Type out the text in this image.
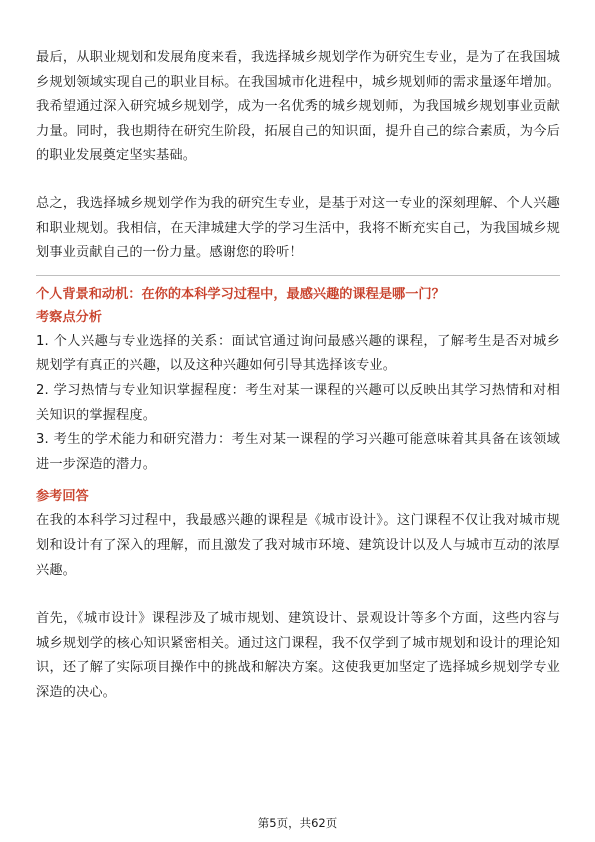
最后，从职业规划和发展角度来看，我选择城乡规划学作为研究生专业，是为了在我国城乡规划领域实现自己的职业目标。在我国城市化进程中，城乡规划师的需求量逐年增加。我希望通过深入研究城乡规划学，成为一名优秀的城乡规划师，为我国城乡规划事业贡献力量。同时，我也期待在研究生阶段，拓展自己的知识面，提升自己的综合素质，为今后的职业发展奠定坚实基础。

总之，我选择城乡规划学作为我的研究生专业，是基于对这一专业的深刻理解、个人兴趣和职业规划。我相信，在天津城建大学的学习生活中，我将不断充实自己，为我国城乡规划事业贡献自己的一份力量。感谢您的聆听！

个人背景和动机：在你的本科学习过程中，最感兴趣的课程是哪一门？
考察点分析

1. 个人兴趣与专业选择的关系：面试官通过询问最感兴趣的课程，了解考生是否对城乡规划学有真正的兴趣，以及这种兴趣如何引导其选择该专业。

2. 学习热情与专业知识掌握程度：考生对某一课程的兴趣可以反映出其学习热情和对相关知识的掌握程度。

3. 考生的学术能力和研究潜力：考生对某一课程的学习兴趣可能意味着其具备在该领域进一步深造的潜力。

参考回答

在我的本科学习过程中，我最感兴趣的课程是《城市设计》。这门课程不仅让我对城市规划和设计有了深入的理解，而且激发了我对城市环境、建筑设计以及人与城市互动的浓厚兴趣。

首先，《城市设计》课程涉及了城市规划、建筑设计、景观设计等多个方面，这些内容与城乡规划学的核心知识紧密相关。通过这门课程，我不仅学到了城市规划和设计的理论知识，还了解了实际项目操作中的挑战和解决方案。这使我更加坚定了选择城乡规划学专业深造的决心。

第5页，共62页
